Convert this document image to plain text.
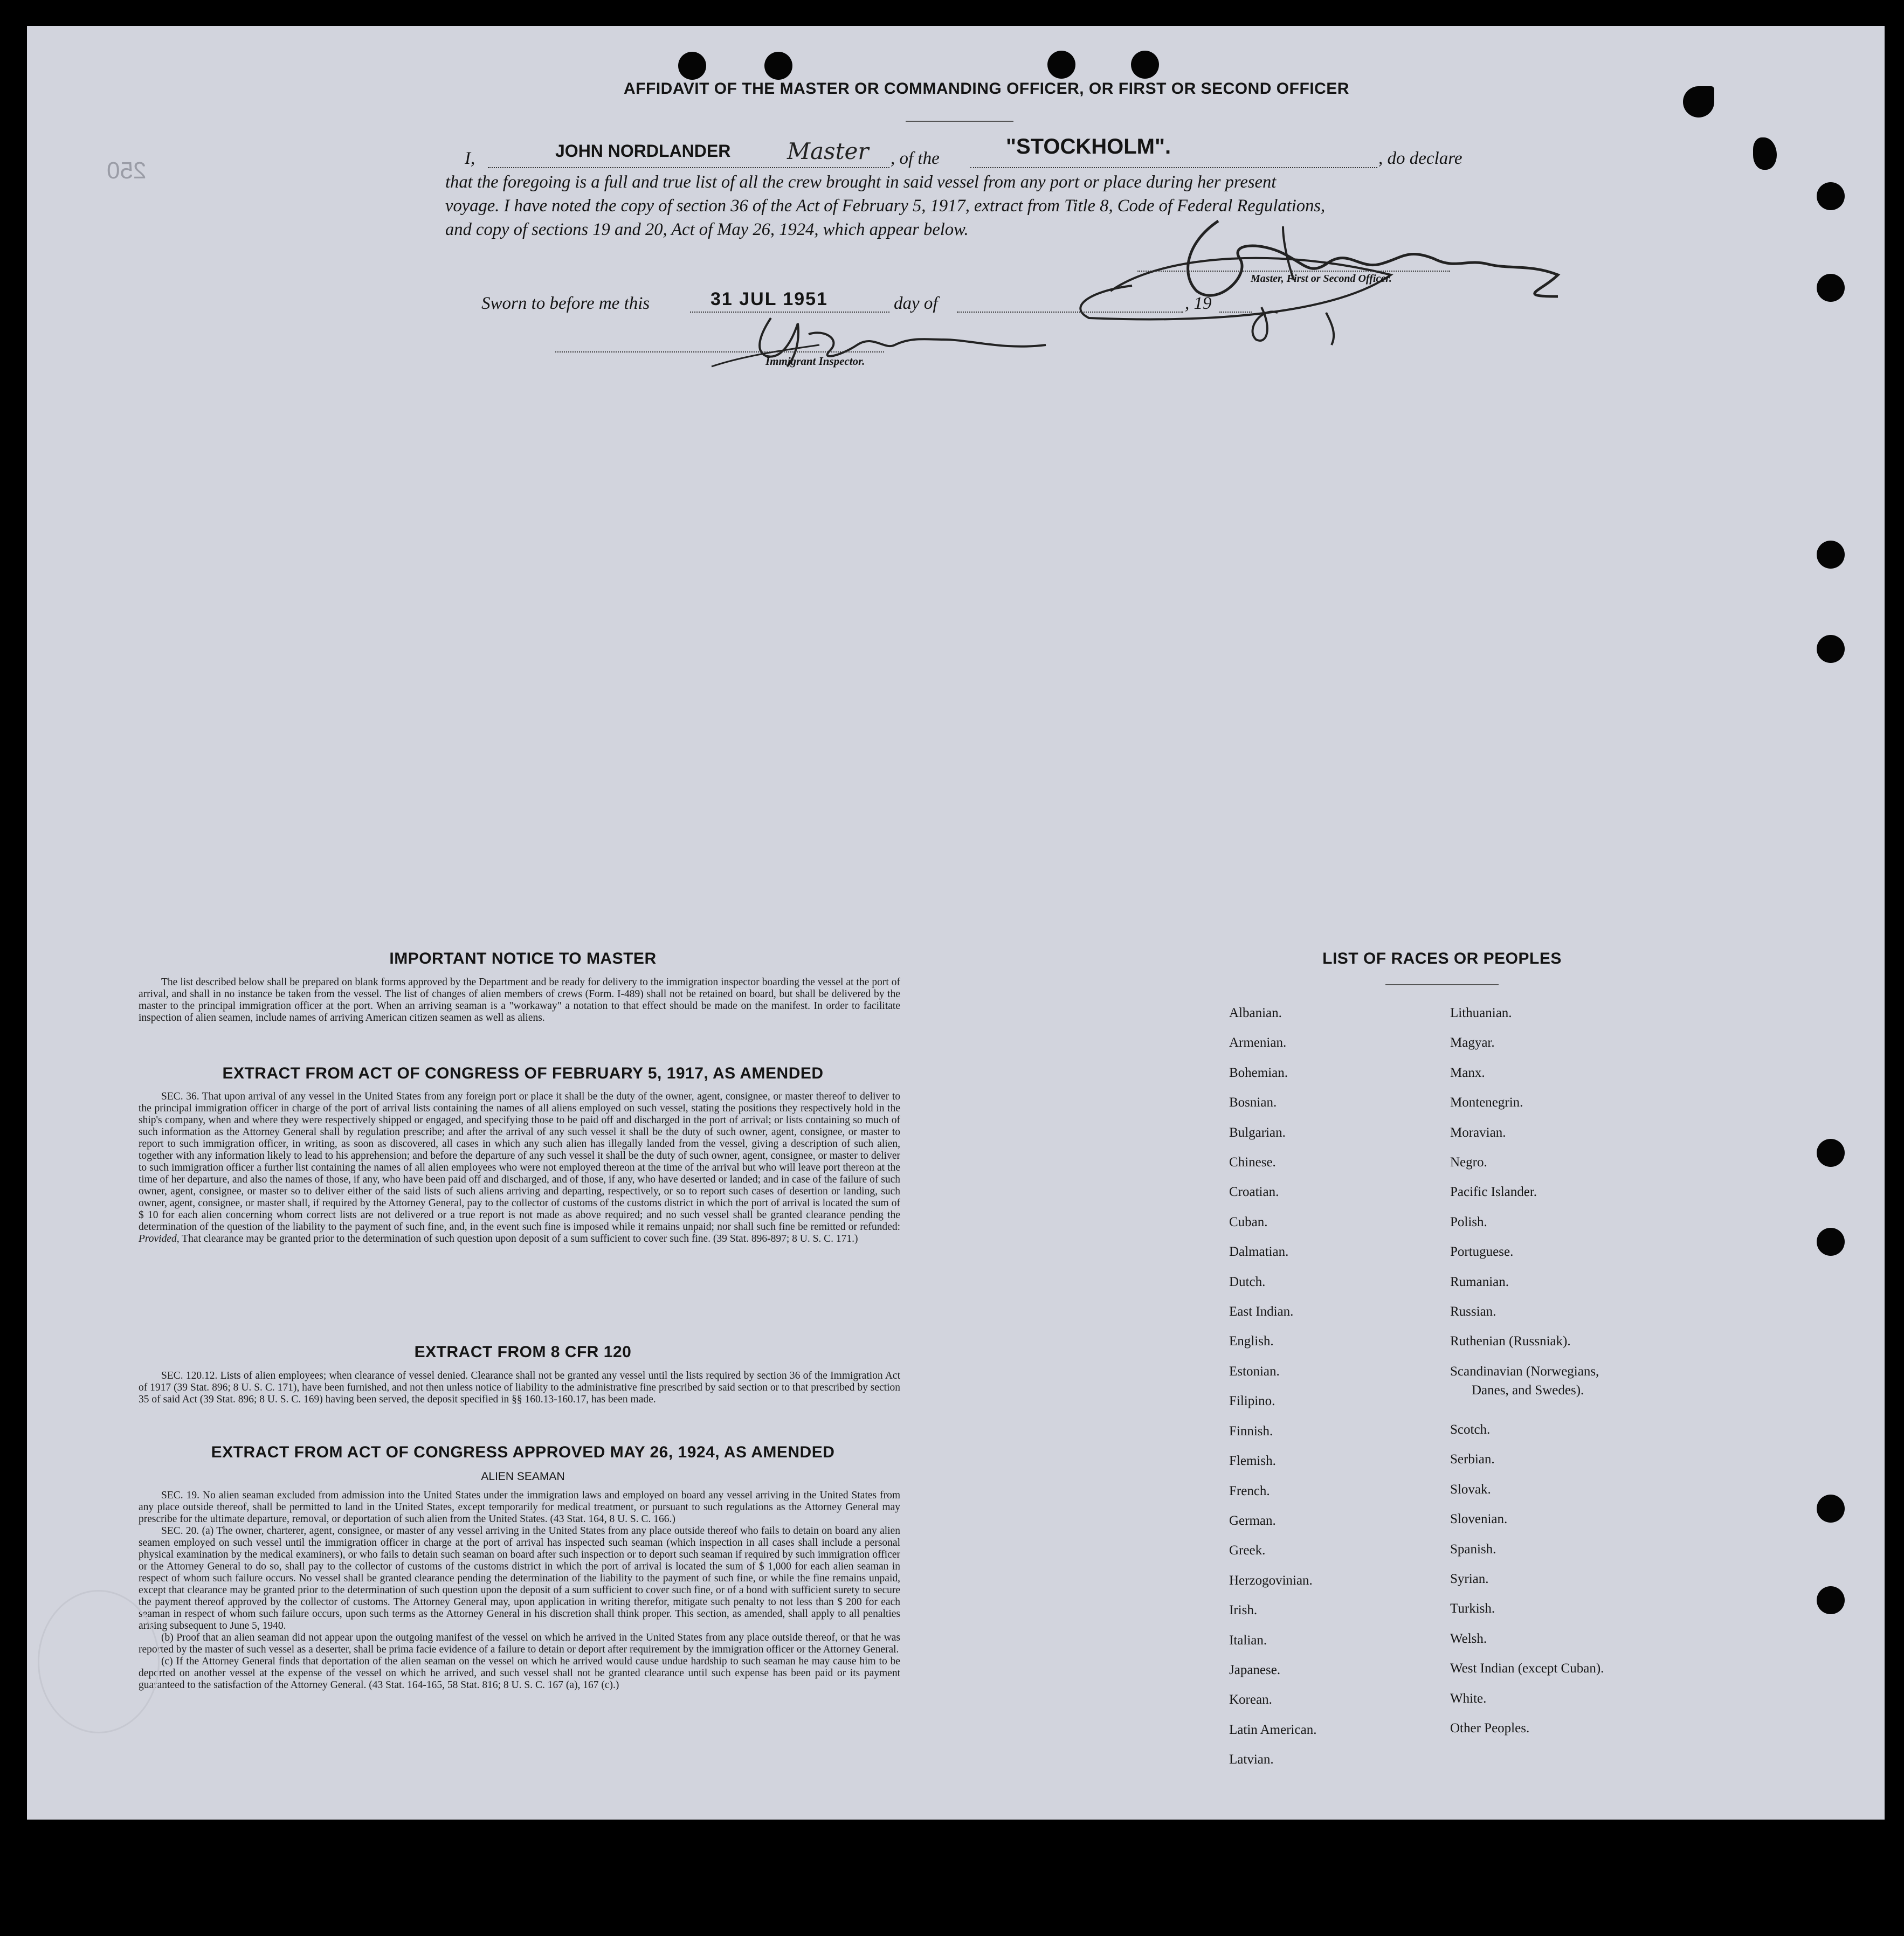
250
AFFIDAVIT OF THE MASTER OR COMMANDING OFFICER, OR FIRST OR SECOND OFFICER
I,	JOHN NORDLANDER Master , of the	"STOCKHOLM".	, do declare
that the foregoing is a full and true list of all the crew brought in said vessel from any port or place during her present
voyage. I have noted the copy of section 36 of the Act of February 5, 1917, extract from Title 8, Code of Federal Regulations,
and copy of sections 19 and 20, Act of May 26, 1924, which appear below.
Master, First or Second Officer.
Sworn to before me this	31 JUL 1951	day of	, 19
Immigrant Inspector.
IMPORTANT NOTICE TO MASTER

The list described below shall be prepared on blank forms approved by the Department and be ready for delivery to the immigration inspector boarding the vessel at the port of arrival, and shall in no instance be taken from the vessel. The list of changes of alien members of crews (Form. I-489) shall not be retained on board, but shall be delivered by the master to the principal immigration officer at the port. When an arriving seaman is a "workaway" a notation to that effect should be made on the manifest. In order to facilitate inspection of alien seamen, include names of arriving American citizen seamen as well as aliens.

EXTRACT FROM ACT OF CONGRESS OF FEBRUARY 5, 1917, AS AMENDED

SEC. 36. That upon arrival of any vessel in the United States from any foreign port or place it shall be the duty of the owner, agent, consignee, or master thereof to deliver to the principal immigration officer in charge of the port of arrival lists containing the names of all aliens employed on such vessel, stating the positions they respectively hold in the ship's company, when and where they were respectively shipped or engaged, and specifying those to be paid off and discharged in the port of arrival; or lists containing so much of such information as the Attorney General shall by regulation prescribe; and after the arrival of any such vessel it shall be the duty of such owner, agent, consignee, or master to report to such immigration officer, in writing, as soon as discovered, all cases in which any such alien has illegally landed from the vessel, giving a description of such alien, together with any information likely to lead to his apprehension; and before the departure of any such vessel it shall be the duty of such owner, agent, consignee, or master to deliver to such immigration officer a further list containing the names of all alien employees who were not employed thereon at the time of the arrival but who will leave port thereon at the time of her departure, and also the names of those, if any, who have been paid off and discharged, and of those, if any, who have deserted or landed; and in case of the failure of such owner, agent, consignee, or master so to deliver either of the said lists of such aliens arriving and departing, respectively, or so to report such cases of desertion or landing, such owner, agent, consignee, or master shall, if required by the Attorney General, pay to the collector of customs of the customs district in which the port of arrival is located the sum of $ 10 for each alien concerning whom correct lists are not delivered or a true report is not made as above required; and no such vessel shall be granted clearance pending the determination of the question of the liability to the payment of such fine, and, in the event such fine is imposed while it remains unpaid; nor shall such fine be remitted or refunded: Provided, That clearance may be granted prior to the determination of such question upon deposit of a sum sufficient to cover such fine. (39 Stat. 896-897; 8 U. S. C. 171.)

EXTRACT FROM 8 CFR 120

SEC. 120.12. Lists of alien employees; when clearance of vessel denied. Clearance shall not be granted any vessel until the lists required by section 36 of the Immigration Act of 1917 (39 Stat. 896; 8 U. S. C. 171), have been furnished, and not then unless notice of liability to the administrative fine prescribed by said section or to that prescribed by section 35 of said Act (39 Stat. 896; 8 U. S. C. 169) having been served, the deposit specified in §§ 160.13-160.17, has been made.

EXTRACT FROM ACT OF CONGRESS APPROVED MAY 26, 1924, AS AMENDED
ALIEN SEAMAN

SEC. 19. No alien seaman excluded from admission into the United States under the immigration laws and employed on board any vessel arriving in the United States from any place outside thereof, shall be permitted to land in the United States, except temporarily for medical treatment, or pursuant to such regulations as the Attorney General may prescribe for the ultimate departure, removal, or deportation of such alien from the United States. (43 Stat. 164, 8 U. S. C. 166.)

SEC. 20. (a) The owner, charterer, agent, consignee, or master of any vessel arriving in the United States from any place outside thereof who fails to detain on board any alien seamen employed on such vessel until the immigration officer in charge at the port of arrival has inspected such seaman (which inspection in all cases shall include a personal physical examination by the medical examiners), or who fails to detain such seaman on board after such inspection or to deport such seaman if required by such immigration officer or the Attorney General to do so, shall pay to the collector of customs of the customs district in which the port of arrival is located the sum of $ 1,000 for each alien seaman in respect of whom such failure occurs. No vessel shall be granted clearance pending the determination of the liability to the payment of such fine, or while the fine remains unpaid, except that clearance may be granted prior to the determination of such question upon the deposit of a sum sufficient to cover such fine, or of a bond with sufficient surety to secure the payment thereof approved by the collector of customs. The Attorney General may, upon application in writing therefor, mitigate such penalty to not less than $ 200 for each seaman in respect of whom such failure occurs, upon such terms as the Attorney General in his discretion shall think proper. This section, as amended, shall apply to all penalties arising subsequent to June 5, 1940.

(b) Proof that an alien seaman did not appear upon the outgoing manifest of the vessel on which he arrived in the United States from any place outside thereof, or that he was reported by the master of such vessel as a deserter, shall be prima facie evidence of a failure to detain or deport after requirement by the immigration officer or the Attorney General.

(c) If the Attorney General finds that deportation of the alien seaman on the vessel on which he arrived would cause undue hardship to such seaman he may cause him to be deported on another vessel at the expense of the vessel on which he arrived, and such vessel shall not be granted clearance until such expense has been paid or its payment guaranteed to the satisfaction of the Attorney General. (43 Stat. 164-165, 58 Stat. 816; 8 U. S. C. 167 (a), 167 (c).)

LIST OF RACES OR PEOPLES
Albanian.
Armenian.
Bohemian.
Bosnian.
Bulgarian.
Chinese.
Croatian.
Cuban.
Dalmatian.
Dutch.
East Indian.
English.
Estonian.
Filipino.
Finnish.
Flemish.
French.
German.
Greek.
Herzogovinian.
Irish.
Italian.
Japanese.
Korean.
Latin American.
Latvian.
Lithuanian.
Magyar.
Manx.
Montenegrin.
Moravian.
Negro.
Pacific Islander.
Polish.
Portuguese.
Rumanian.
Russian.
Ruthenian (Russniak).
Scandinavian (Norwegians,
Danes, and Swedes).
Scotch.
Serbian.
Slovak.
Slovenian.
Spanish.
Syrian.
Turkish.
Welsh.
West Indian (except Cuban).
White.
Other Peoples.
